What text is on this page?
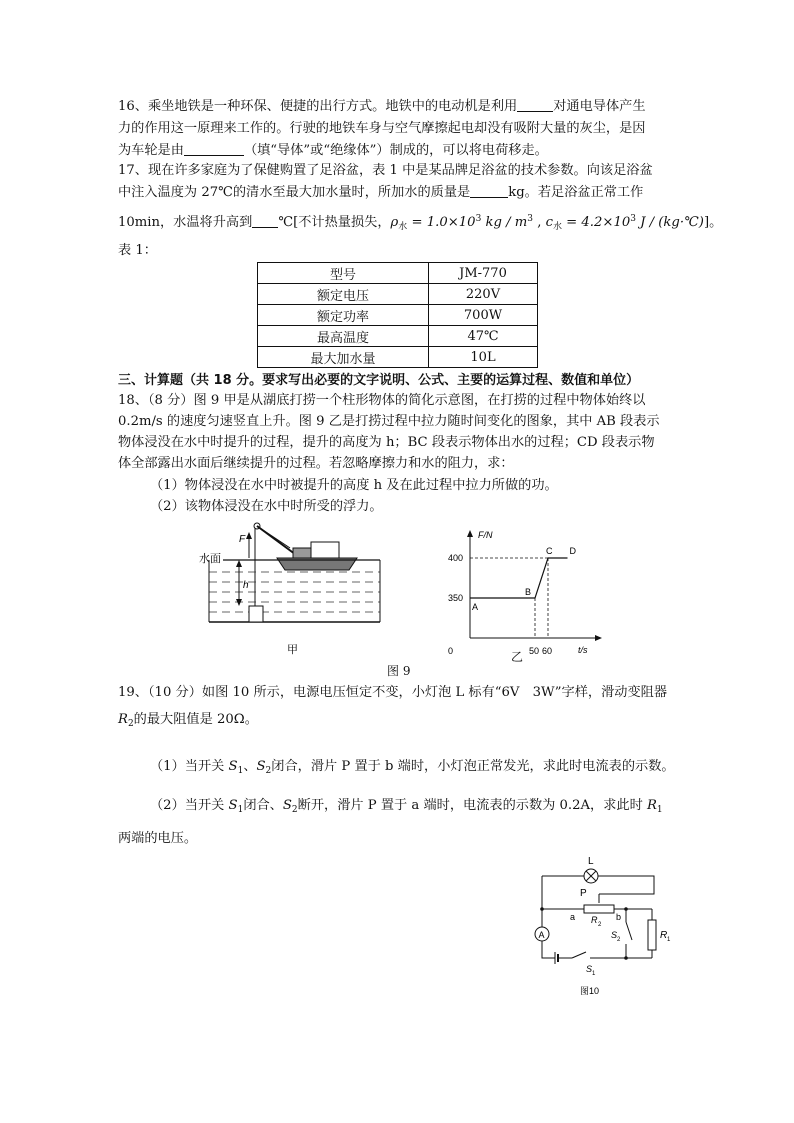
16、乘坐地铁是一种环保、便捷的出行方式。地铁中的电动机是利用	对通电导体产生
力的作用这一原理来工作的。行驶的地铁车身与空气摩擦起电却没有吸附大量的灰尘，是因
为车轮是由	（填“导体”或“绝缘体”）制成的，可以将电荷移走。
17、现在许多家庭为了保健购置了足浴盆，表 1 中是某品牌足浴盆的技术参数。向该足浴盆
中注入温度为 27℃的清水至最大加水量时，所加水的质量是	kg。若足浴盆正常工作
10min，水温将升高到 ℃[不计热量损失，$\rho_水 = 1.0\times 10^3$ kg / $m^3$ , $c_水 = 4.2\times 10^3$ J / (kg·℃)]。
表 1：
型号	JM-770
额定电压	220V
额定功率	700W
最高温度	47℃
最大加水量	10L
三、计算题（共 18 分。要求写出必要的文字说明、公式、主要的运算过程、数值和单位）
18、（8 分）图 9 甲是从湖底打捞一个柱形物体的简化示意图，在打捞的过程中物体始终以
0.2m/s 的速度匀速竖直上升。图 9 乙是打捞过程中拉力随时间变化的图象，其中 AB 段表示
物体浸没在水中时提升的过程，提升的高度为 h；BC 段表示物体出水的过程；CD 段表示物
体全部露出水面后继续提升的过程。若忽略摩擦力和水的阻力，求：
（1）物体浸没在水中时被提升的高度 h 及在此过程中拉力所做的功。
（2）该物体浸没在水中时所受的浮力。
F
水面
h
甲
F/N
t/s
400
350
50 60
A
B
C D
0	乙
图 9
19、（10 分）如图 10 所示，电源电压恒定不变，小灯泡 L 标有“6V　3W”字样，滑动变阻器
$R_2$的最大阻值是 20Ω。
（1）当开关 $S_1$、$S_2$闭合，滑片 P 置于 b 端时，小灯泡正常发光，求此时电流表的示数。
（2）当开关 $S_1$闭合、$S_2$断开，滑片 P 置于 a 端时，电流表的示数为 0.2A，求此时 $R_1$
两端的电压。
A
L
P
a	b
R 2
R 1
S 2
S 1
图10
